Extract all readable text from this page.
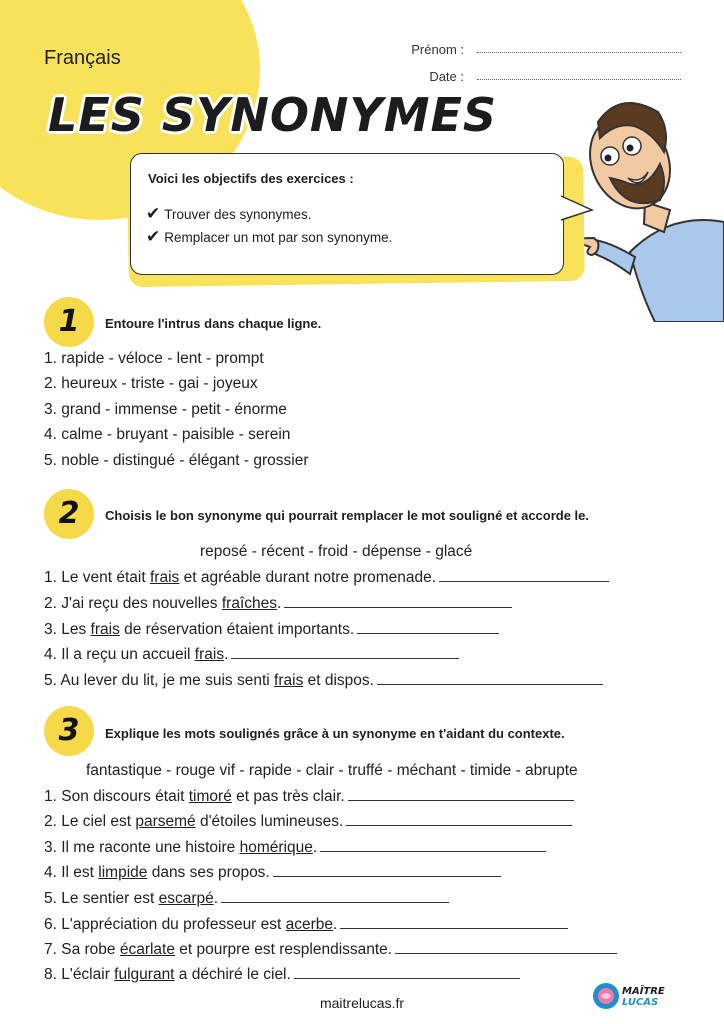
Français
LES SYNONYMES
Prénom :
Date :
Voici les objectifs des exercices :
✔ Trouver des synonymes.
✔ Remplacer un mot par son synonyme.
1	Entoure l'intrus dans chaque ligne.
1. rapide - véloce - lent - prompt
2. heureux - triste - gai - joyeux
3. grand - immense - petit - énorme
4. calme - bruyant - paisible - serein
5. noble - distingué - élégant - grossier
2	Choisis le bon synonyme qui pourrait remplacer le mot souligné et accorde le.
reposé - récent - froid - dépense - glacé
1. Le vent était frais et agréable durant notre promenade.
2. J'ai reçu des nouvelles fraîches.
3. Les frais de réservation étaient importants.
4. Il a reçu un accueil frais.
5. Au lever du lit, je me suis senti frais et dispos.
3	Explique les mots soulignés grâce à un synonyme en t'aidant du contexte.
fantastique - rouge vif - rapide - clair - truffé - méchant - timide - abrupte
1. Son discours était timoré et pas très clair.
2. Le ciel est parsemé d'étoiles lumineuses.
3. Il me raconte une histoire homérique.
4. Il est limpide dans ses propos.
5. Le sentier est escarpé.
6. L'appréciation du professeur est acerbe.
7. Sa robe écarlate et pourpre est resplendissante.
8. L'éclair fulgurant a déchiré le ciel.
maitrelucas.fr
MAÎTRE
LUCAS
